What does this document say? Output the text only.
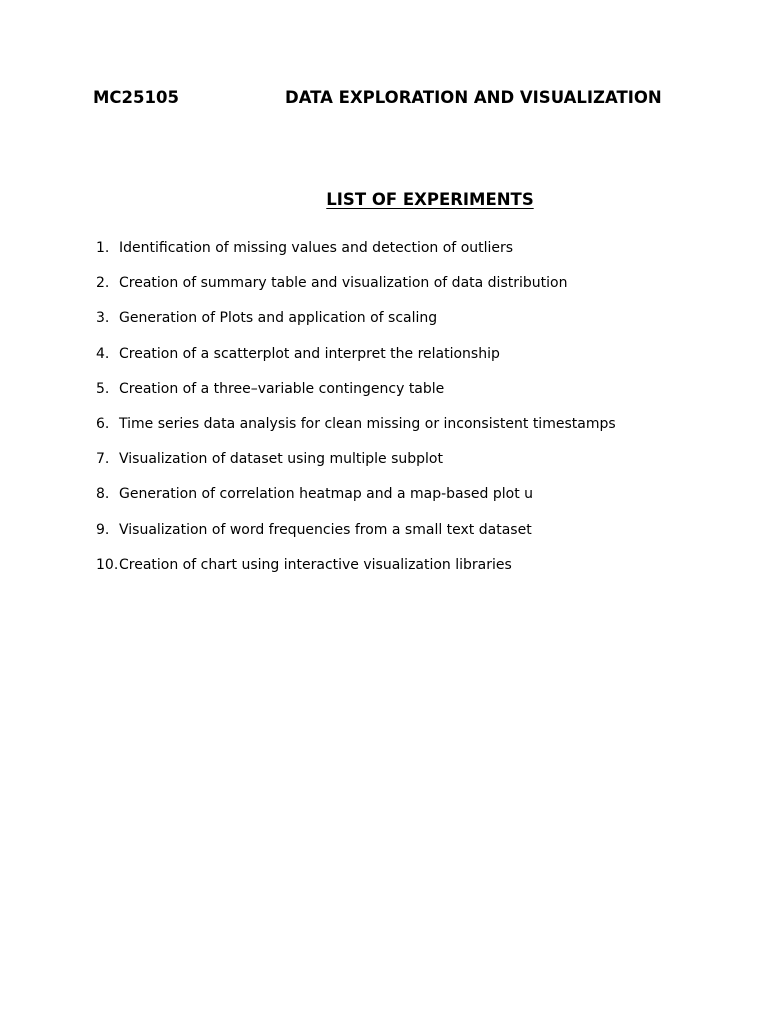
MC25105	DATA EXPLORATION AND VISUALIZATION
LIST OF EXPERIMENTS
1. Identification of missing values and detection of outliers
2. Creation of summary table and visualization of data distribution
3. Generation of Plots and application of scaling
4. Creation of a scatterplot and interpret the relationship
5. Creation of a three–variable contingency table
6. Time series data analysis for clean missing or inconsistent timestamps
7. Visualization of dataset using multiple subplot
8. Generation of correlation heatmap and a map-based plot u
9. Visualization of word frequencies from a small text dataset
10.Creation of chart using interactive visualization libraries
